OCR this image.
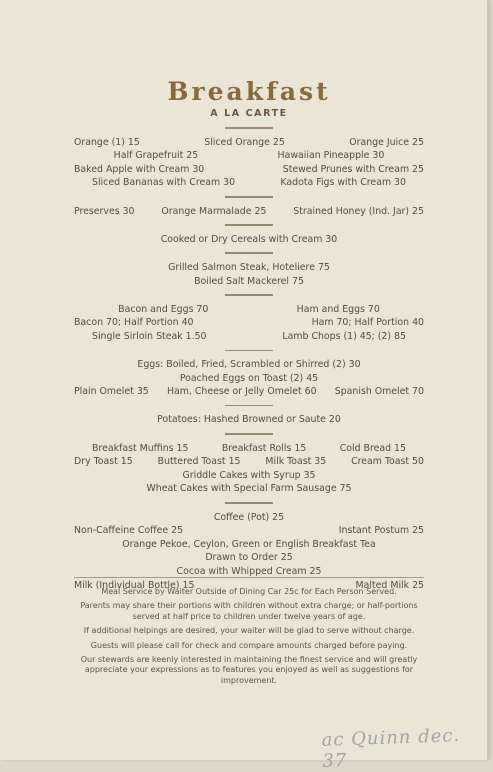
Breakfast
A LA CARTE
Orange (1) 15	Sliced Orange 25	Orange Juice 25
Half Grapefruit 25	Hawaiian Pineapple 30
Baked Apple with Cream 30	Stewed Prunes with Cream 25
Sliced Bananas with Cream 30	Kadota Figs with Cream 30
Preserves 30	Orange Marmalade 25	Strained Honey (Ind. Jar) 25
Cooked or Dry Cereals with Cream 30
Grilled Salmon Steak, Hoteliere 75
Boiled Salt Mackerel 75
Bacon and Eggs 70	Ham and Eggs 70
Bacon 70; Half Portion 40	Ham 70; Half Portion 40
Single Sirloin Steak 1.50	Lamb Chops (1) 45; (2) 85
Eggs: Boiled, Fried, Scrambled or Shirred (2) 30
Poached Eggs on Toast (2) 45
Plain Omelet 35 Ham, Cheese or Jelly Omelet 60 Spanish Omelet 70
Potatoes: Hashed Browned or Saute 20
Breakfast Muffins 15	Breakfast Rolls 15	Cold Bread 15
Dry Toast 15	Buttered Toast 15	Milk Toast 35	Cream Toast 50
Griddle Cakes with Syrup 35
Wheat Cakes with Special Farm Sausage 75
Coffee (Pot) 25
Non-Caffeine Coffee 25	Instant Postum 25
Orange Pekoe, Ceylon, Green or English Breakfast Tea
Drawn to Order 25
Cocoa with Whipped Cream 25
Milk (Individual Bottle) 15	Malted Milk 25

Meal Service by Waiter Outside of Dining Car 25c for Each Person Served.

Parents may share their portions with children without extra charge; or half-portions served at half price to children under twelve years of age.

If additional helpings are desired, your waiter will be glad to serve without charge.

Guests will please call for check and compare amounts charged before paying.

Our stewards are keenly interested in maintaining the finest service and will greatly appreciate your expressions as to features you enjoyed as well as suggestions for improvement.

ac Quinn dec. 37
